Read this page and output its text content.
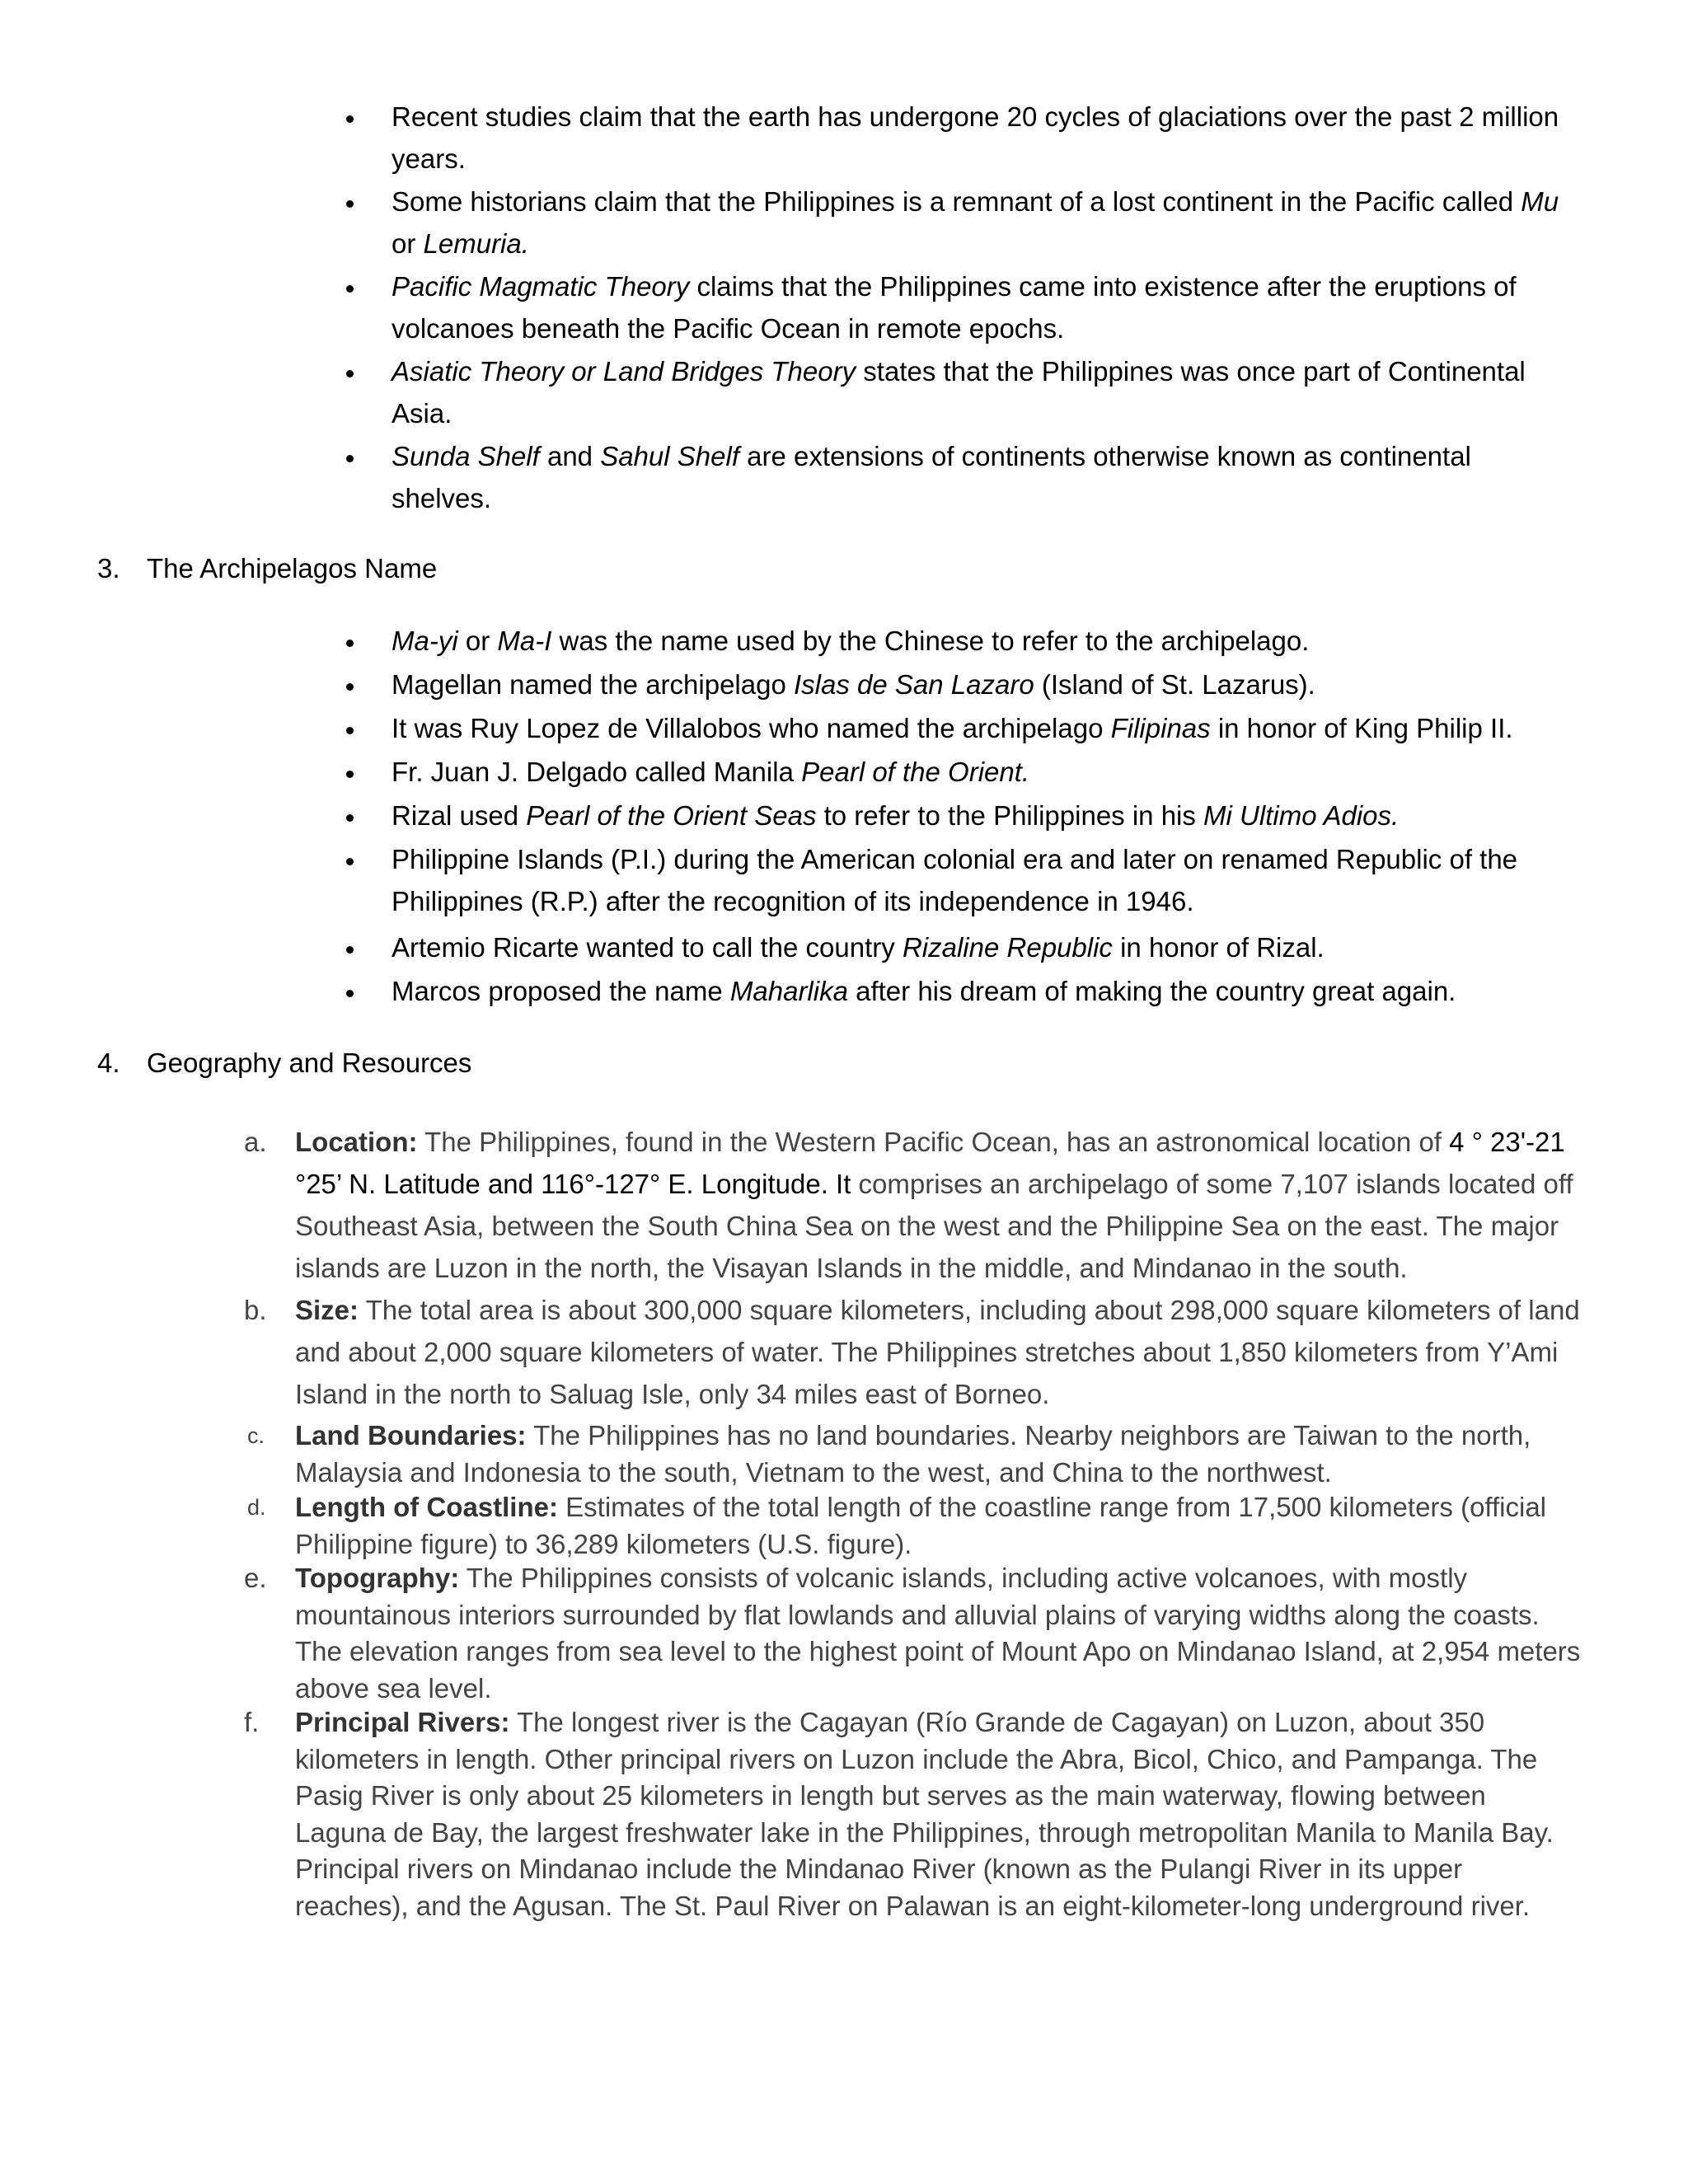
Recent studies claim that the earth has undergone 20 cycles of glaciations over the past 2 million years.
Some historians claim that the Philippines is a remnant of a lost continent in the Pacific called Mu or Lemuria.
Pacific Magmatic Theory claims that the Philippines came into existence after the eruptions of volcanoes beneath the Pacific Ocean in remote epochs.
Asiatic Theory or Land Bridges Theory states that the Philippines was once part of Continental Asia.
Sunda Shelf and Sahul Shelf are extensions of continents otherwise known as continental shelves.
3. The Archipelagos Name
Ma-yi or Ma-I was the name used by the Chinese to refer to the archipelago.
Magellan named the archipelago Islas de San Lazaro (Island of St. Lazarus).
It was Ruy Lopez de Villalobos who named the archipelago Filipinas in honor of King Philip II.
Fr. Juan J. Delgado called Manila Pearl of the Orient.
Rizal used Pearl of the Orient Seas to refer to the Philippines in his Mi Ultimo Adios.
Philippine Islands (P.I.) during the American colonial era and later on renamed Republic of the Philippines (R.P.) after the recognition of its independence in 1946.
Artemio Ricarte wanted to call the country Rizaline Republic in honor of Rizal.
Marcos proposed the name Maharlika after his dream of making the country great again.
4. Geography and Resources
a.	Location: The Philippines, found in the Western Pacific Ocean, has an astronomical location of 4 ° 23'-21 °25’ N. Latitude and 116°-127° E. Longitude. It comprises an archipelago of some 7,107 islands located off Southeast Asia, between the South China Sea on the west and the Philippine Sea on the east. The major islands are Luzon in the north, the Visayan Islands in the middle, and Mindanao in the south.
b.	Size: The total area is about 300,000 square kilometers, including about 298,000 square kilometers of land and about 2,000 square kilometers of water. The Philippines stretches about 1,850 kilometers from Y’Ami Island in the north to Saluag Isle, only 34 miles east of Borneo.
c.	Land Boundaries: The Philippines has no land boundaries. Nearby neighbors are Taiwan to the north, Malaysia and Indonesia to the south, Vietnam to the west, and China to the northwest.
d.	Length of Coastline: Estimates of the total length of the coastline range from 17,500 kilometers (official Philippine figure) to 36,289 kilometers (U.S. figure).
e.	Topography: The Philippines consists of volcanic islands, including active volcanoes, with mostly mountainous interiors surrounded by flat lowlands and alluvial plains of varying widths along the coasts. The elevation ranges from sea level to the highest point of Mount Apo on Mindanao Island, at 2,954 meters above sea level.
f.	Principal Rivers: The longest river is the Cagayan (Río Grande de Cagayan) on Luzon, about 350 kilometers in length. Other principal rivers on Luzon include the Abra, Bicol, Chico, and Pampanga. The Pasig River is only about 25 kilometers in length but serves as the main waterway, flowing between Laguna de Bay, the largest freshwater lake in the Philippines, through metropolitan Manila to Manila Bay. Principal rivers on Mindanao include the Mindanao River (known as the Pulangi River in its upper reaches), and the Agusan. The St. Paul River on Palawan is an eight-kilometer-long underground river.
